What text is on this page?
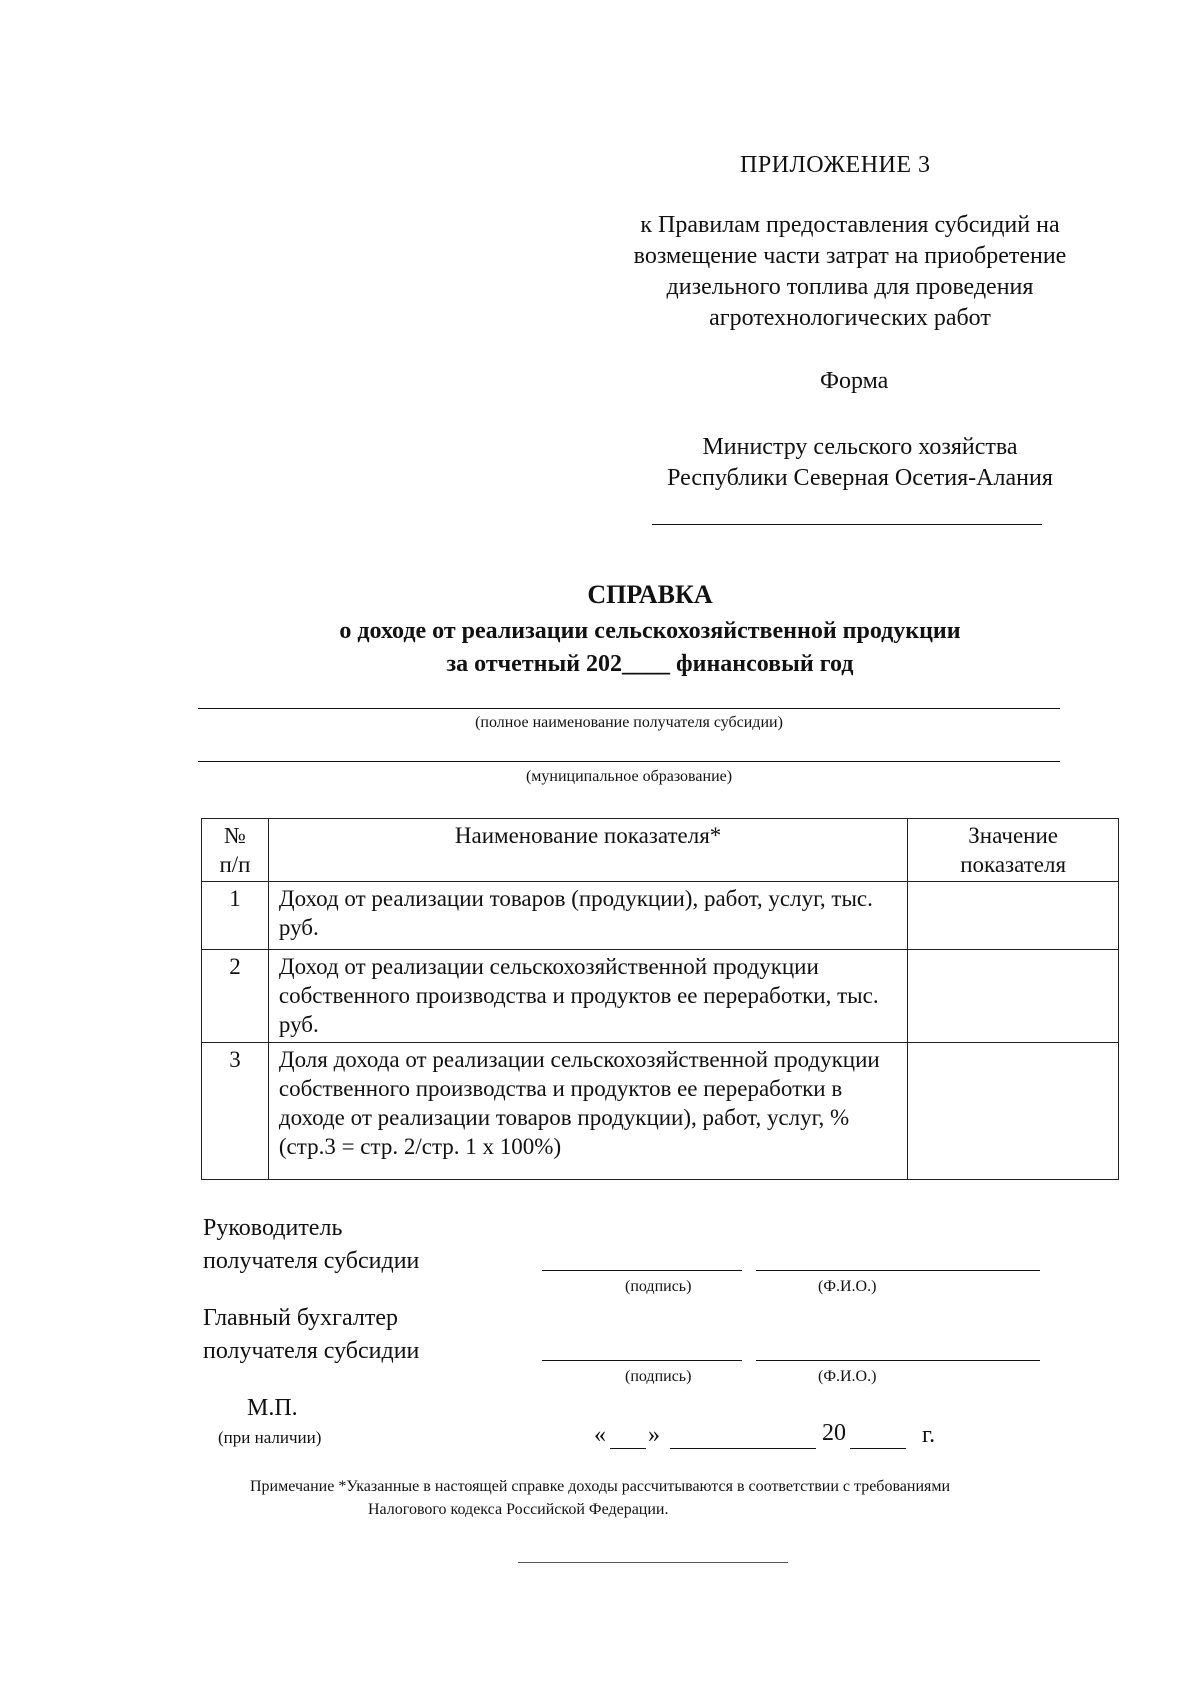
ПРИЛОЖЕНИЕ 3
к Правилам предоставления субсидий на
возмещение части затрат на приобретение
дизельного топлива для проведения
агротехнологических работ
Форма
Министру сельского хозяйства
Республики Северная Осетия-Алания
СПРАВКА
о доходе от реализации сельскохозяйственной продукции
за отчетный 202____ финансовый год
(полное наименование получателя субсидии)
(муниципальное образование)
№ п/п	Наименование показателя*	Значение показателя
1	Доход от реализации товаров (продукции), работ, услуг, тыс. руб.	
2	Доход от реализации сельскохозяйственной продукции собственного производства и продуктов ее переработки, тыс. руб.	
3	Доля дохода от реализации сельскохозяйственной продукции собственного производства и продуктов ее переработки в доходе от реализации товаров продукции), работ, услуг, % (стр.3 = стр. 2/стр. 1 х 100%)	
Руководитель
получателя субсидии
(подпись)	(Ф.И.О.)
Главный бухгалтер
получателя субсидии
(подпись)	(Ф.И.О.)
М.П.
(при наличии)	« »	20	г.
Примечание *Указанные в настоящей справке доходы рассчитываются в соответствии с требованиями
Налогового кодекса Российской Федерации.
